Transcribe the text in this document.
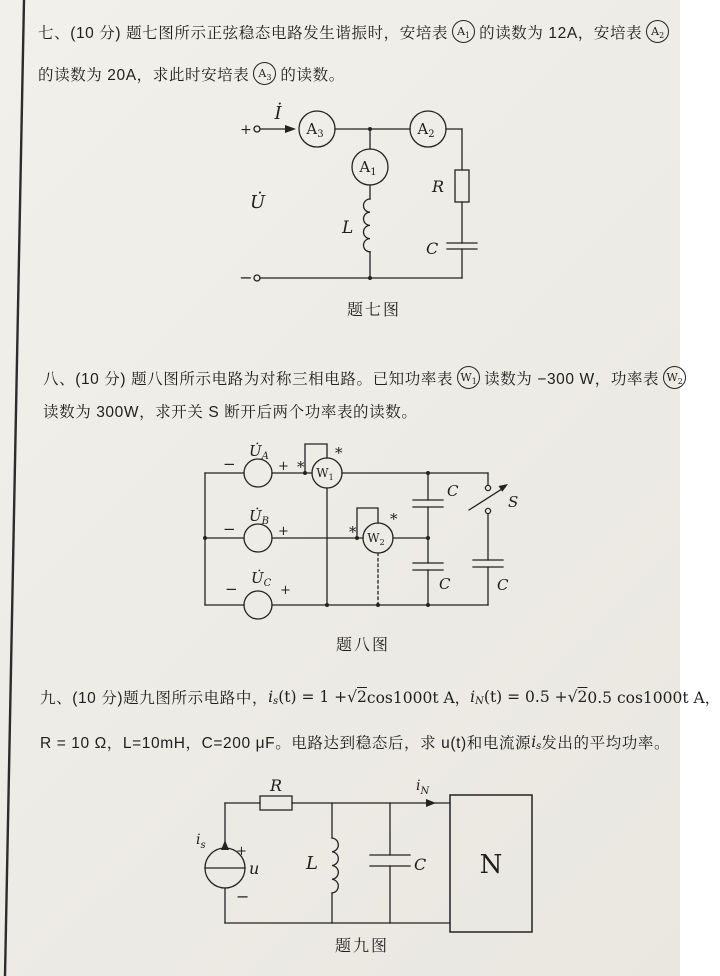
七、(10 分) 题七图所示正弦稳态电路发生谐振时，安培表 A 1 的读数为 12A，安培表 A 2
的读数为 20A，求此时安培表 A 3 的读数。
+
−
İ
U̇
$A_3$	$A_2$
$A_1$
L
R
C
题七图
八、(10 分) 题八图所示电路为对称三相电路。已知功率表 W 1 读数为 −300 W，功率表 W 2
读数为 300W，求开关 S 断开后两个功率表的读数。
−
$U̇_A$
+
−
$U̇_B$
+
−
$U̇_C$ +
$W_1$
$W_2$
*
*
*
*
C
C	C
S
题八图
九、(10 分)题九图所示电路中， i s (t) = 1 + √ 2 cos1000t A， i N (t) = 0.5 + √ 2 0.5 cos1000t A，
R = 10 Ω，L=10mH，C=200 μF。电路达到稳态后，求 u(t)和电流源 i s 发出的平均功率。
R	$i_N$
$i_s$ +
u
−
L	C N
题九图
